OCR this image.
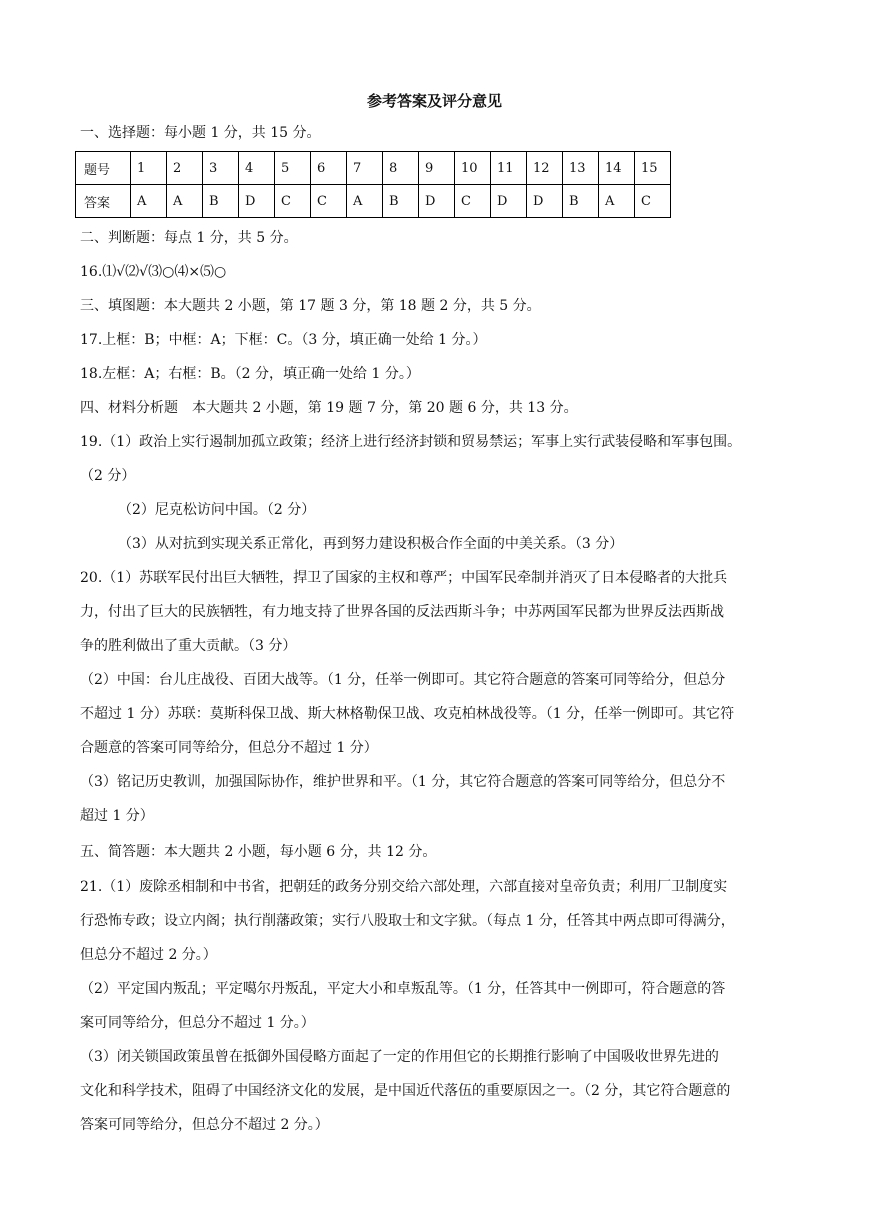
参考答案及评分意见
一、选择题：每小题 1 分，共 15 分。
题号	1	2	3	4	5	6	7	8	9	10	11	12	13	14	15
答案	A	A	B	D	C	C	A	B	D	C	D	D	B	A	C
二、判断题：每点 1 分，共 5 分。
16.⑴√⑵√⑶○⑷×⑸○
三、填图题：本大题共 2 小题，第 17 题 3 分，第 18 题 2 分，共 5 分。
17.上框：B；中框：A；下框：C。（3 分，填正确一处给 1 分。）
18.左框：A；右框：B。（2 分，填正确一处给 1 分。）
四、材料分析题　本大题共 2 小题，第 19 题 7 分，第 20 题 6 分，共 13 分。
19.（1）政治上实行遏制加孤立政策；经济上进行经济封锁和贸易禁运；军事上实行武装侵略和军事包围。
（2 分）
（2）尼克松访问中国。（2 分）
（3）从对抗到实现关系正常化，再到努力建设积极合作全面的中美关系。（3 分）
20.（1）苏联军民付出巨大牺牲，捍卫了国家的主权和尊严；中国军民牵制并消灭了日本侵略者的大批兵
力，付出了巨大的民族牺牲，有力地支持了世界各国的反法西斯斗争；中苏两国军民都为世界反法西斯战
争的胜利做出了重大贡献。（3 分）
（2）中国：台儿庄战役、百团大战等。（1 分，任举一例即可。其它符合题意的答案可同等给分，但总分
不超过 1 分）苏联：莫斯科保卫战、斯大林格勒保卫战、攻克柏林战役等。（1 分，任举一例即可。其它符
合题意的答案可同等给分，但总分不超过 1 分）
（3）铭记历史教训，加强国际协作，维护世界和平。（1 分，其它符合题意的答案可同等给分，但总分不
超过 1 分）
五、简答题：本大题共 2 小题，每小题 6 分，共 12 分。
21.（1）废除丞相制和中书省，把朝廷的政务分别交给六部处理，六部直接对皇帝负责；利用厂卫制度实
行恐怖专政；设立内阁；执行削藩政策；实行八股取士和文字狱。（每点 1 分，任答其中两点即可得满分，
但总分不超过 2 分。）
（2）平定国内叛乱；平定噶尔丹叛乱，平定大小和卓叛乱等。（1 分，任答其中一例即可，符合题意的答
案可同等给分，但总分不超过 1 分。）
（3）闭关锁国政策虽曾在抵御外国侵略方面起了一定的作用但它的长期推行影响了中国吸收世界先进的
文化和科学技术，阻碍了中国经济文化的发展，是中国近代落伍的重要原因之一。（2 分，其它符合题意的
答案可同等给分，但总分不超过 2 分。）
